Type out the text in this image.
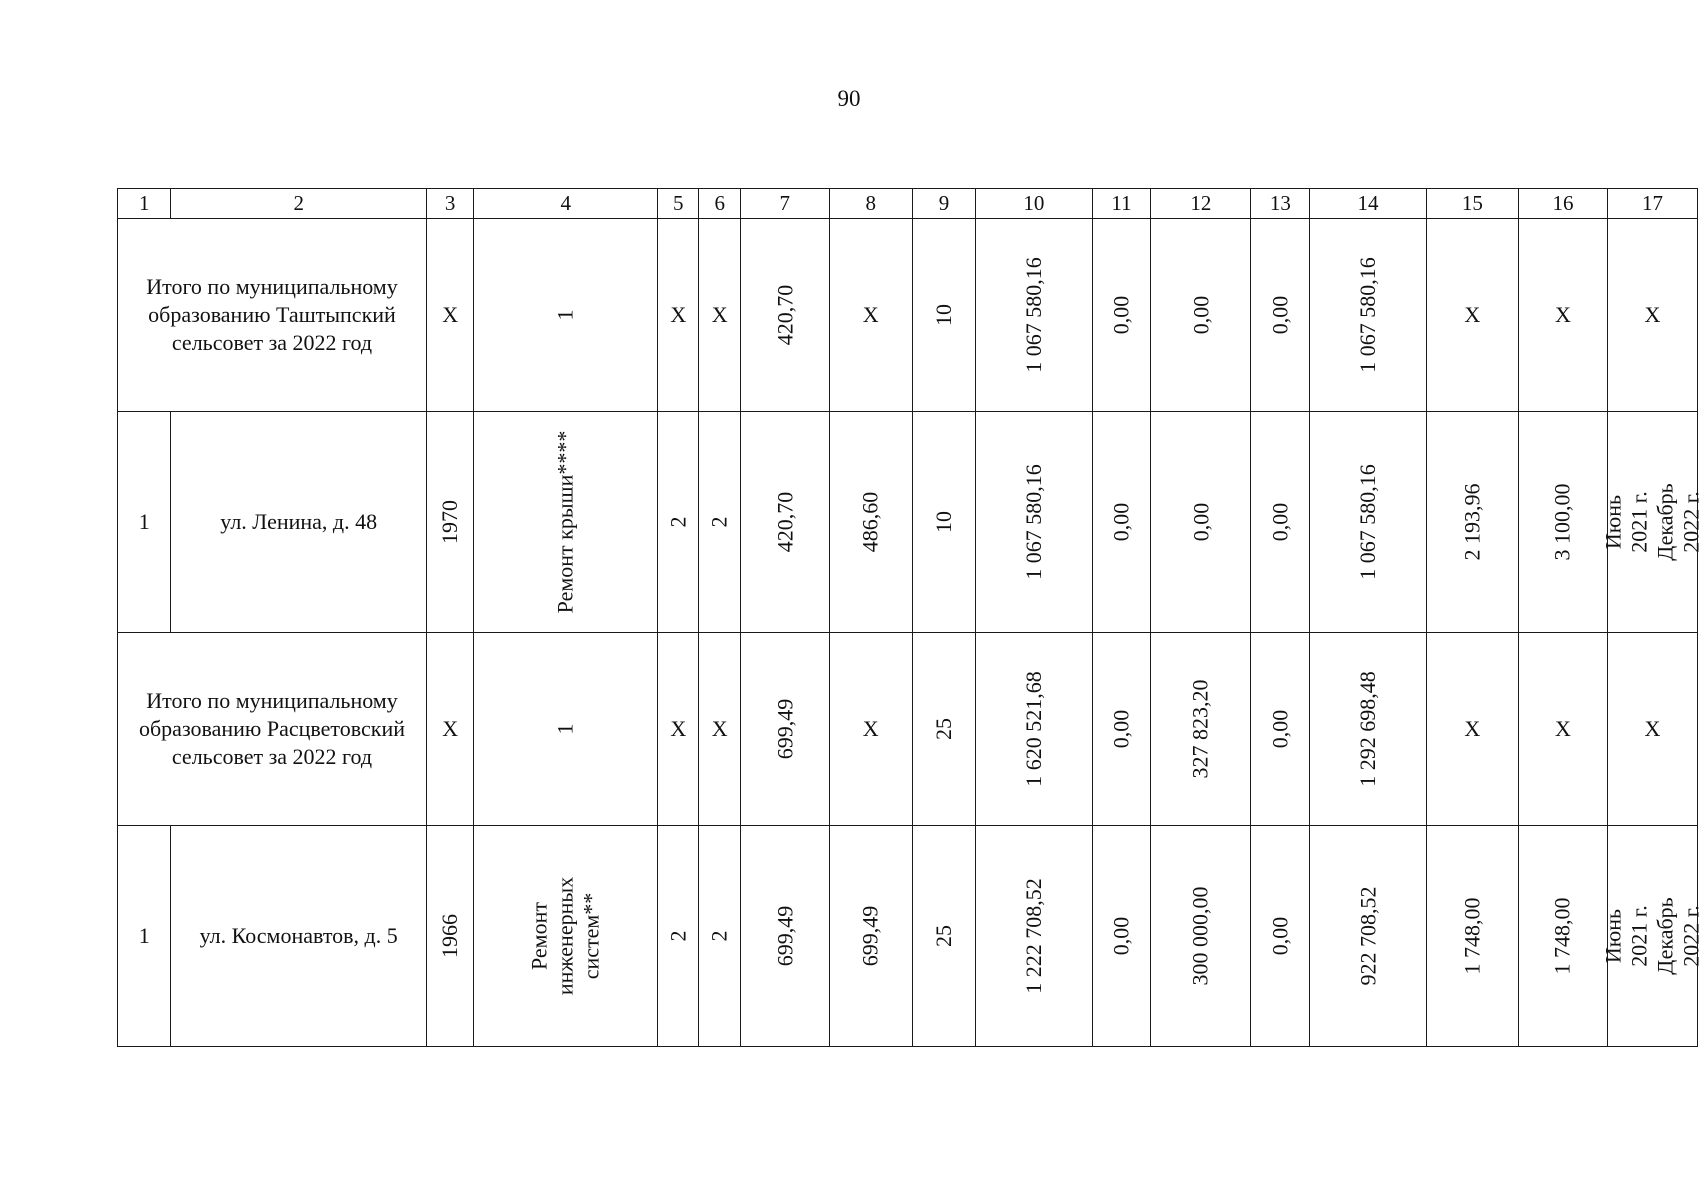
90
1	2	3	4	5	6	7	8	9	10	11	12	13	14	15	16	17
Итого по муниципальному образованию Таштыпский сельсовет за 2022 год		Х	1	Х	Х	420,70	Х	10	1 067 580,16	0,00	0,00	0,00	1 067 580,16	Х	Х	Х
1	ул. Ленина, д. 48	1970	Ремонт крыши****	2	2	420,70	486,60	10	1 067 580,16	0,00	0,00	0,00	1 067 580,16	2 193,96	3 100,00	Июнь 2021 г.
Декабрь 2022 г.

Итого по муниципальному образованию Расцветовский сельсовет за 2022 год		Х	1	Х	Х	699,49	Х	25	1 620 521,68	0,00	327 823,20	0,00	1 292 698,48	Х	Х	Х
1	ул. Космонавтов, д. 5	1966	Ремонт инженерных
систем**	2	2	699,49	699,49	25	1 222 708,52	0,00	300 000,00	0,00	922 708,52	1 748,00	1 748,00	Июнь 2021 г.
Декабрь 2022 г.
